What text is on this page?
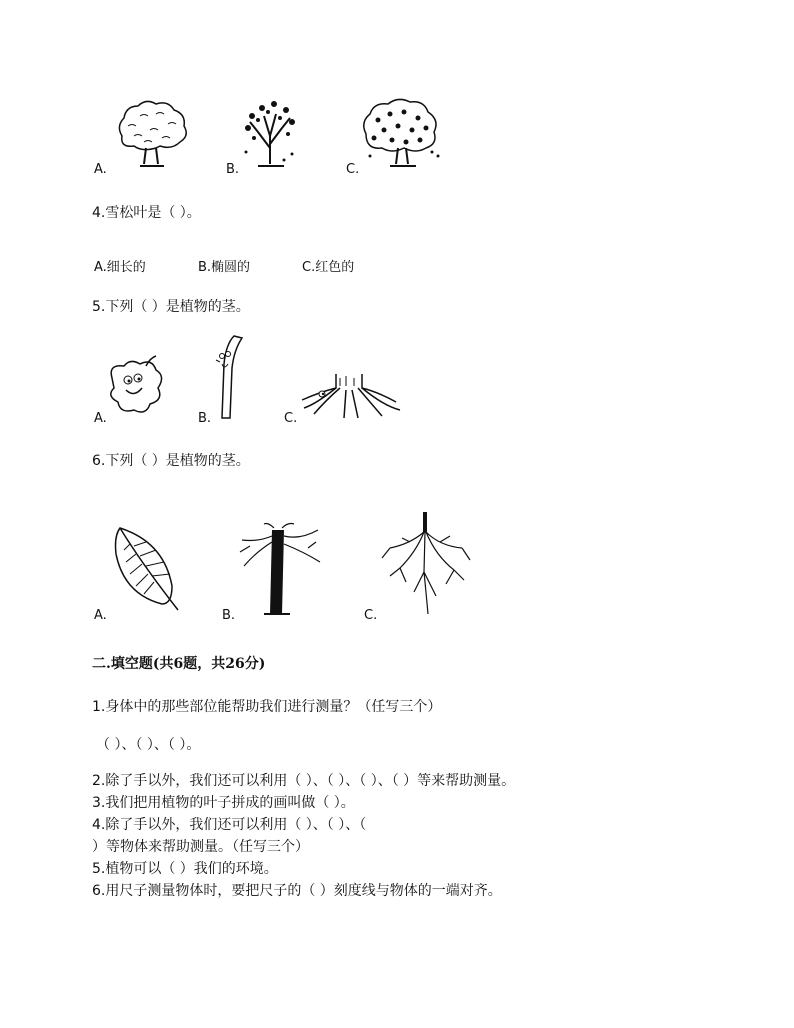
A.	B.	C.
4.雪松叶是（ ）。
A.细长的	B.椭圆的	C.红色的
5.下列（ ）是植物的茎。
A.	B.	C.
6.下列（ ）是植物的茎。
A.	B.	C.
二.填空题(共6题，共26分)
1.身体中的那些部位能帮助我们进行测量？（任写三个）
（ ）、（ ）、（ ）。
2.除了手以外，我们还可以利用（ ）、（ ）、（ ）、（ ）等来帮助测量。
3.我们把用植物的叶子拼成的画叫做（ ）。
4.除了手以外，我们还可以利用（ ）、（ ）、（
）等物体来帮助测量。（任写三个）
5.植物可以（ ）我们的环境。
6.用尺子测量物体时，要把尺子的（ ）刻度线与物体的一端对齐。
